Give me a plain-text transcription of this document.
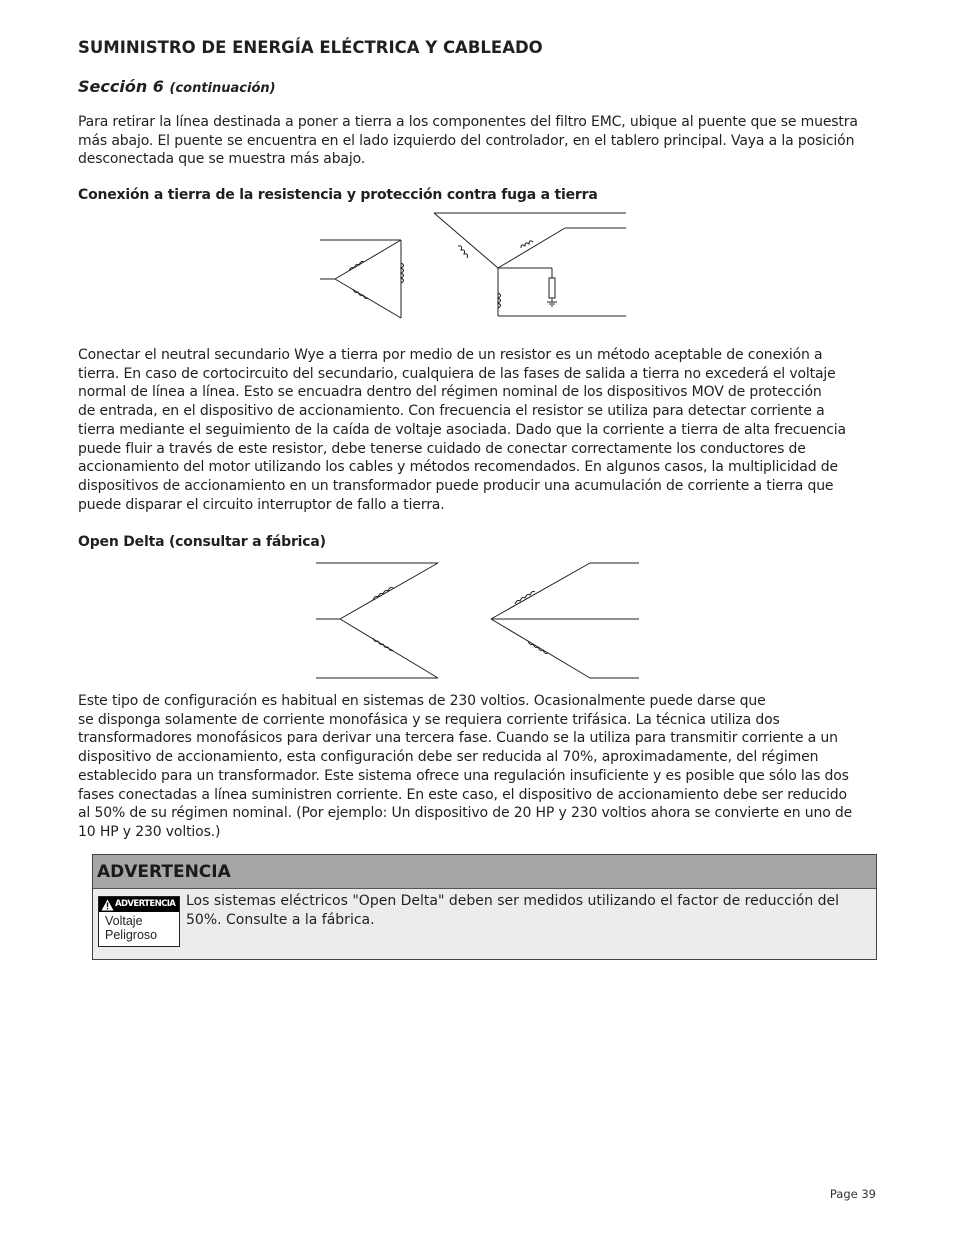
SUMINISTRO DE ENERGÍA ELÉCTRICA Y CABLEADO
Sección 6 (continuación)

Para retirar la línea destinada a poner a tierra a los componentes del filtro EMC, ubique al puente que se muestra
más abajo. El puente se encuentra en el lado izquierdo del controlador, en el tablero principal. Vaya a la posición
desconectada que se muestra más abajo.

Conexión a tierra de la resistencia y protección contra fuga a tierra

Conectar el neutral secundario Wye a tierra por medio de un resistor es un método aceptable de conexión a
tierra. En caso de cortocircuito del secundario, cualquiera de las fases de salida a tierra no excederá el voltaje
normal de línea a línea. Esto se encuadra dentro del régimen nominal de los dispositivos MOV de protección
de entrada, en el dispositivo de accionamiento. Con frecuencia el resistor se utiliza para detectar corriente a
tierra mediante el seguimiento de la caída de voltaje asociada. Dado que la corriente a tierra de alta frecuencia
puede fluir a través de este resistor, debe tenerse cuidado de conectar correctamente los conductores de
accionamiento del motor utilizando los cables y métodos recomendados. En algunos casos, la multiplicidad de
dispositivos de accionamiento en un transformador puede producir una acumulación de corriente a tierra que
puede disparar el circuito interruptor de fallo a tierra.

Open Delta (consultar a fábrica)

Este tipo de configuración es habitual en sistemas de 230 voltios. Ocasionalmente puede darse que
se disponga solamente de corriente monofásica y se requiera corriente trifásica. La técnica utiliza dos
transformadores monofásicos para derivar una tercera fase. Cuando se la utiliza para transmitir corriente a un
dispositivo de accionamiento, esta configuración debe ser reducida al 70%, aproximadamente, del régimen
establecido para un transformador. Este sistema ofrece una regulación insuficiente y es posible que sólo las dos
fases conectadas a línea suministren corriente. En este caso, el dispositivo de accionamiento debe ser reducido
al 50% de su régimen nominal. (Por ejemplo: Un dispositivo de 20 HP y 230 voltios ahora se convierte en uno de
10 HP y 230 voltios.)

ADVERTENCIA
ADVERTENCIA
Voltaje
Peligroso

Los sistemas eléctricos "Open Delta" deben ser medidos utilizando el factor de reducción del
50%. Consulte a la fábrica.

Page 39
